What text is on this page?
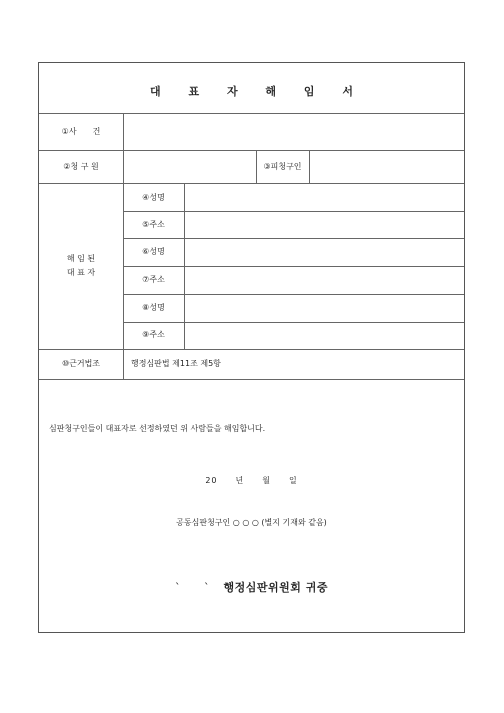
대 표 자 해 임 서
①사　　건
②청 구 원	③피청구인
해 임 된
대 표 자
④성명
⑤주소
⑥성명
⑦주소
⑧성명
⑨주소
⑩근거법조	행정심판법 제11조 제5항
심판청구인들이 대표자로 선정하였던 위 사람들을 해임합니다.
20　　년　　월　　일
공동심판청구인 ○ ○ ○ (별지 기재와 같음)
` ` 행정심판위원회 귀중
